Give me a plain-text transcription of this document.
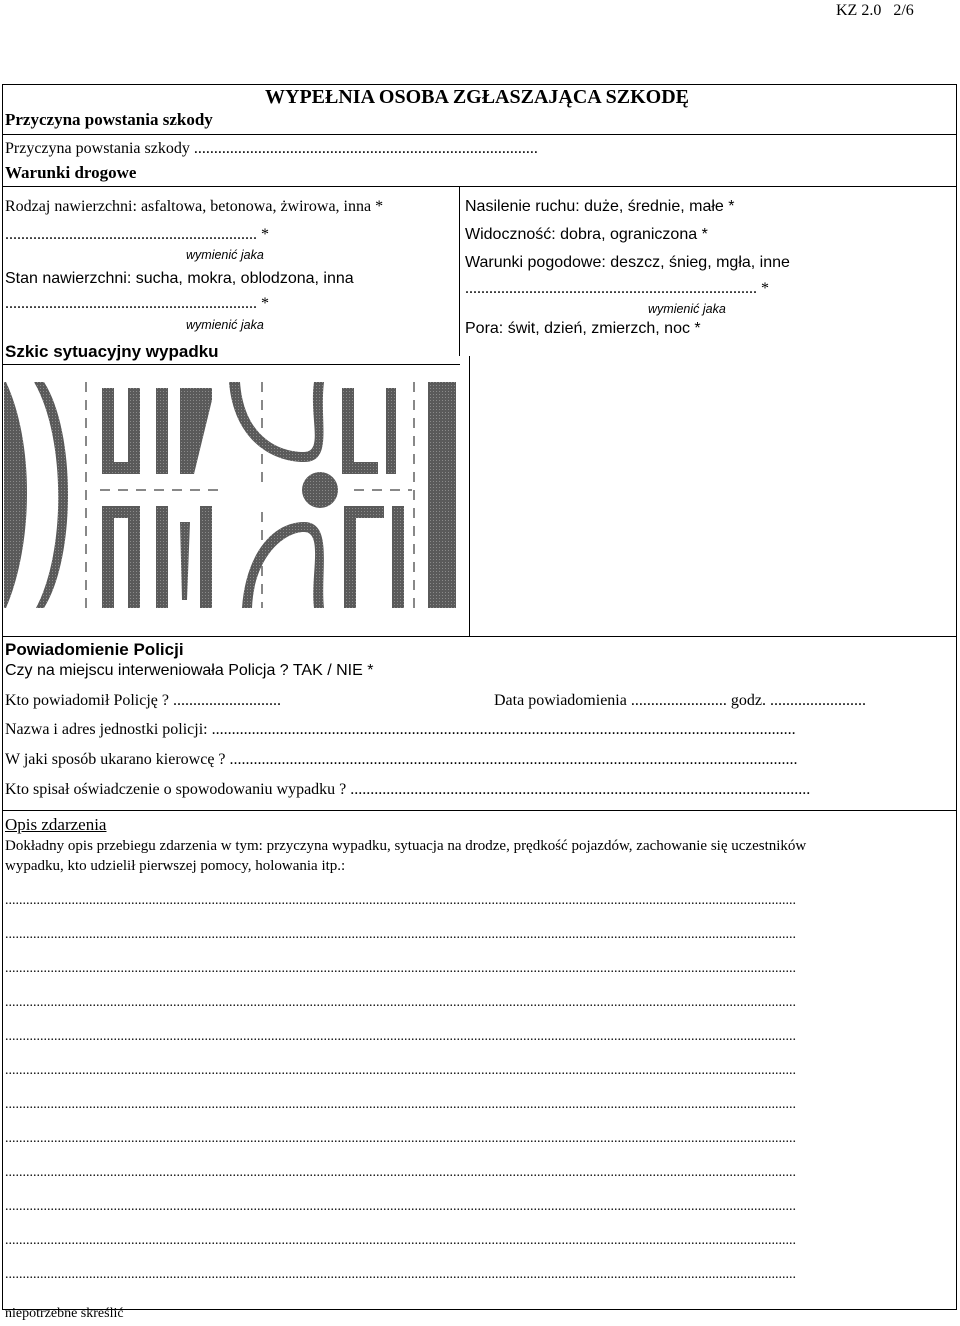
KZ 2.0 2/6
WYPEŁNIA OSOBA ZGŁASZAJĄCA SZKODĘ
Przyczyna powstania szkody
Przyczyna powstania szkody ......................................................................................
Warunki drogowe
Rodzaj nawierzchni: asfaltowa, betonowa, żwirowa, inna *
............................................................... *
wymienić jaka
Stan nawierzchni: sucha, mokra, oblodzona, inna
............................................................... *
wymienić jaka
Nasilenie ruchu: duże, średnie, małe *
Widoczność: dobra, ograniczona *
Warunki pogodowe: deszcz, śnieg, mgła, inne
......................................................................... *
wymienić jaka
Pora: świt, dzień, zmierzch, noc *
Szkic sytuacyjny wypadku
Powiadomienie Policji
Czy na miejscu interweniowała Policja ? TAK / NIE *
Kto powiadomił Policję ? ...........................	Data powiadomienia ........................ godz. ........................
Nazwa i adres jednostki policji: ..................................................................................................................................................
W jaki sposób ukarano kierowcę ? ..............................................................................................................................................
Kto spisał oświadczenie o spowodowaniu wypadku ? ...................................................................................................................
Opis zdarzenia
Dokładny opis przebiegu zdarzenia w tym: przyczyna wypadku, sytuacja na drodze, prędkość pojazdów, zachowanie się uczestników
wypadku, kto udzielił pierwszej pomocy, holowania itp.:
..................................................................................................................................................................................................................................
..................................................................................................................................................................................................................................
..................................................................................................................................................................................................................................
..................................................................................................................................................................................................................................
..................................................................................................................................................................................................................................
..................................................................................................................................................................................................................................
..................................................................................................................................................................................................................................
..................................................................................................................................................................................................................................
..................................................................................................................................................................................................................................
..................................................................................................................................................................................................................................
..................................................................................................................................................................................................................................
..................................................................................................................................................................................................................................
niepotrzebne skreślić
